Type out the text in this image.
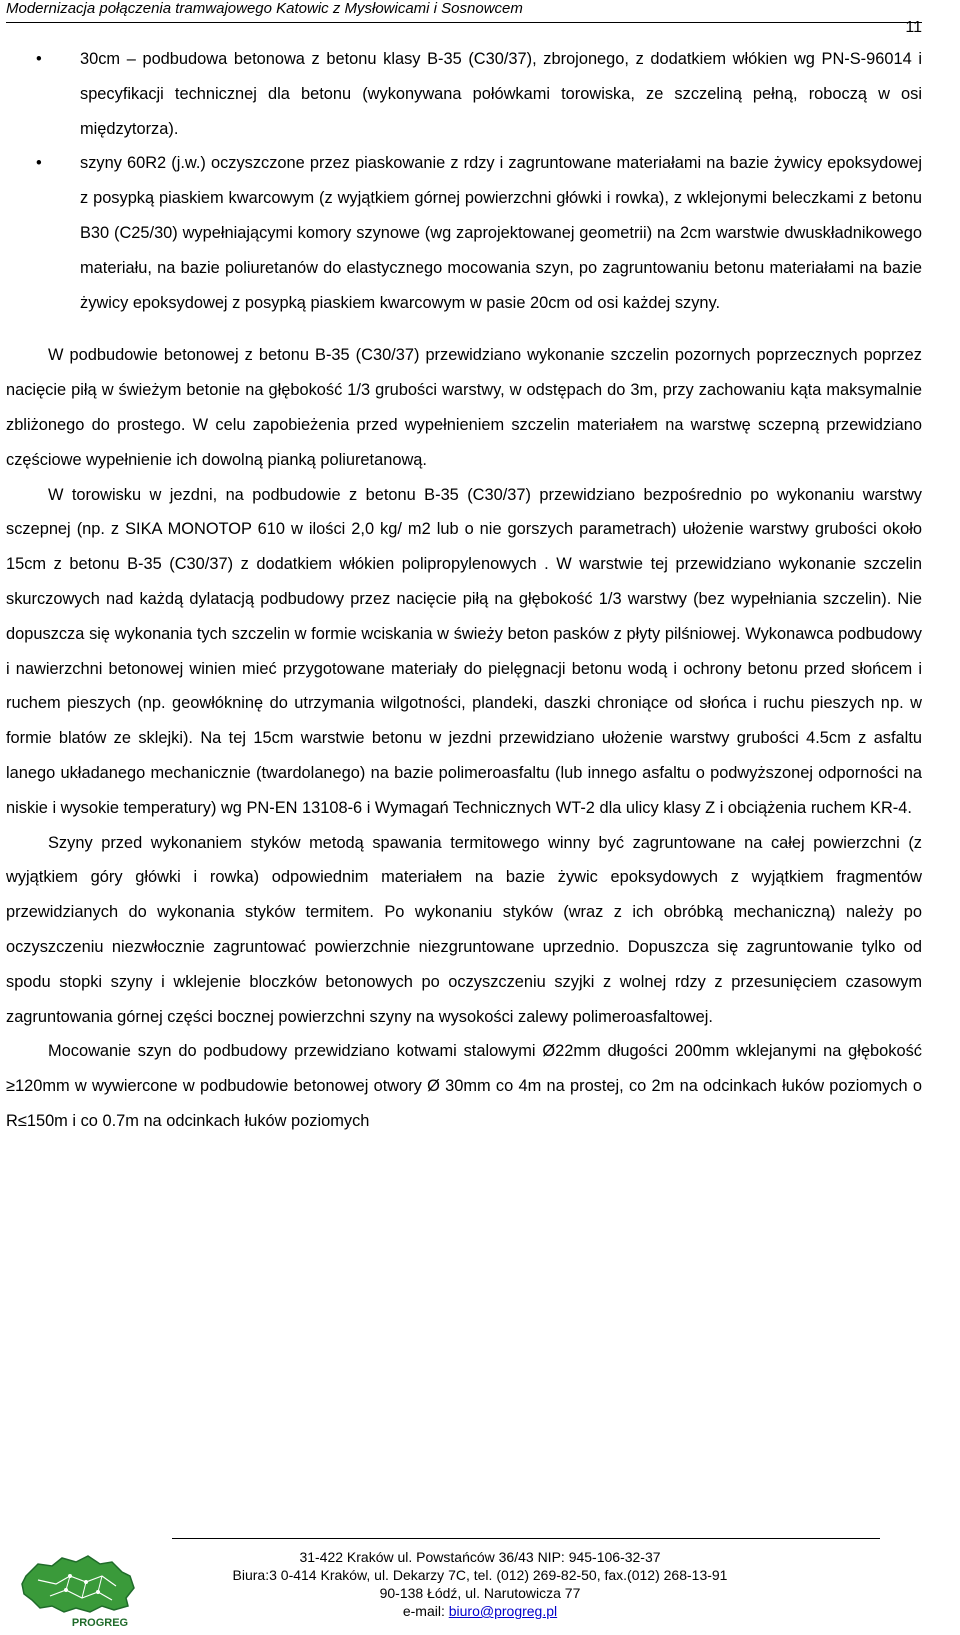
Modernizacja połączenia tramwajowego Katowic z Mysłowicami i Sosnowcem
11
• 30cm – podbudowa betonowa z betonu klasy B-35 (C30/37), zbrojonego, z dodatkiem włókien wg PN-S-96014 i specyfikacji technicznej dla betonu (wykonywana połówkami torowiska, ze szczeliną pełną, roboczą w osi międzytorza).
• szyny 60R2 (j.w.) oczyszczone przez piaskowanie z rdzy i zagruntowane materiałami na bazie żywicy epoksydowej z posypką piaskiem kwarcowym (z wyjątkiem górnej powierzchni główki i rowka), z wklejonymi beleczkami z betonu B30 (C25/30) wypełniającymi komory szynowe (wg zaprojektowanej geometrii) na 2cm warstwie dwuskładnikowego materiału, na bazie poliuretanów do elastycznego mocowania szyn, po zagruntowaniu betonu materiałami na bazie żywicy epoksydowej z posypką piaskiem kwarcowym w pasie 20cm od osi każdej szyny.

W podbudowie betonowej z betonu B-35 (C30/37) przewidziano wykonanie szczelin pozornych poprzecznych poprzez nacięcie piłą w świeżym betonie na głębokość 1/3 grubości warstwy, w odstępach do 3m, przy zachowaniu kąta maksymalnie zbliżonego do prostego. W celu zapobieżenia przed wypełnieniem szczelin materiałem na warstwę sczepną przewidziano częściowe wypełnienie ich dowolną pianką poliuretanową.

W torowisku w jezdni, na podbudowie z betonu B-35 (C30/37) przewidziano bezpośrednio po wykonaniu warstwy sczepnej (np. z SIKA MONOTOP 610 w ilości 2,0 kg/ m2 lub o nie gorszych parametrach) ułożenie warstwy grubości około 15cm z betonu B-35 (C30/37) z dodatkiem włókien polipropylenowych . W warstwie tej przewidziano wykonanie szczelin skurczowych nad każdą dylatacją podbudowy przez nacięcie piłą na głębokość 1/3 warstwy (bez wypełniania szczelin). Nie dopuszcza się wykonania tych szczelin w formie wciskania w świeży beton pasków z płyty pilśniowej. Wykonawca podbudowy i nawierzchni betonowej winien mieć przygotowane materiały do pielęgnacji betonu wodą i ochrony betonu przed słońcem i ruchem pieszych (np. geowłókninę do utrzymania wilgotności, plandeki, daszki chroniące od słońca i ruchu pieszych np. w formie blatów ze sklejki). Na tej 15cm warstwie betonu w jezdni przewidziano ułożenie warstwy grubości 4.5cm z asfaltu lanego układanego mechanicznie (twardolanego) na bazie polimeroasfaltu (lub innego asfaltu o podwyższonej odporności na niskie i wysokie temperatury) wg PN-EN 13108-6 i Wymagań Technicznych WT-2 dla ulicy klasy Z i obciążenia ruchem KR-4.

Szyny przed wykonaniem styków metodą spawania termitowego winny być zagruntowane na całej powierzchni (z wyjątkiem góry główki i rowka) odpowiednim materiałem na bazie żywic epoksydowych z wyjątkiem fragmentów przewidzianych do wykonania styków termitem. Po wykonaniu styków (wraz z ich obróbką mechaniczną) należy po oczyszczeniu niezwłocznie zagruntować powierzchnie niezgruntowane uprzednio. Dopuszcza się zagruntowanie tylko od spodu stopki szyny i wklejenie bloczków betonowych po oczyszczeniu szyjki z wolnej rdzy z przesunięciem czasowym zagruntowania górnej części bocznej powierzchni szyny na wysokości zalewy polimeroasfaltowej.

Mocowanie szyn do podbudowy przewidziano kotwami stalowymi Ø22mm długości 200mm wklejanymi na głębokość ≥120mm w wywiercone w podbudowie betonowej otwory Ø 30mm co 4m na prostej, co 2m na odcinkach łuków poziomych o R≤150m i co 0.7m na odcinkach łuków poziomych

PROGREG
31-422 Kraków ul. Powstańców 36/43 NIP: 945-106-32-37
Biura:3 0-414 Kraków, ul. Dekarzy 7C, tel. (012) 269-82-50, fax.(012) 268-13-91
90-138 Łódź, ul. Narutowicza 77
e-mail: biuro@progreg.pl
